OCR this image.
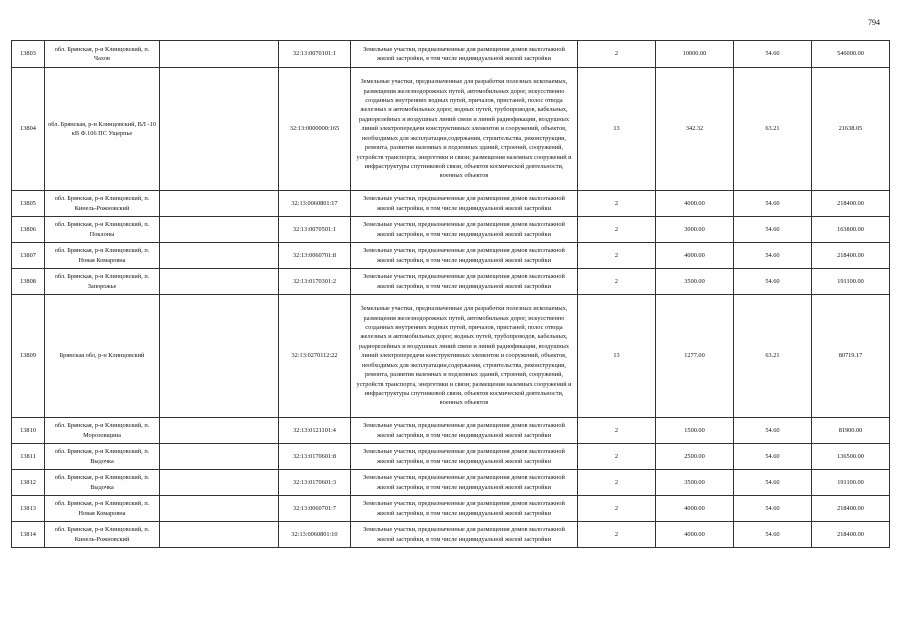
794
13803	обл. Брянская, р-н Клинцовский, п. Чахов		32:13:0070101:1	Земельные участки, предназначенные для размещения домов малоэтажной жилой застройки, в том числе индивидуальной жилой застройки	2	10000.00	54.60	546000.00
13804	обл. Брянская, р-н Клинцовский, ВЛ -10 кВ Ф.106 ПС Ущерпье		32:13:0000000:165	Земельные участки, предназначенные для разработки полезных ископаемых, размещения железнодорожных путей, автомобильных дорог, искусственно созданных внутренних водных путей, причалов, пристаней, полос отвода железных и автомобильных дорог, водных путей, трубопроводов, кабельных, радиорелейных и воздушных линий связи и линий радиофикации, воздушных линий электропередачи конструктивных элементов и сооружений, объектов, необходимых для эксплуатации,содержания, строительства, реконструкции, ремонта, развития наземных и подземных зданий, строений, сооружений, устройств транспорта, энергетики и связи; размещения наземных сооружений и инфраструктуры спутниковой связи, объектов космической деятельности, военных объектов	13	342.32	63.21	21638.05
13805	обл. Брянская, р-н Клинцовский, п. Кинель-Рожновский		32:13:0060801:17	Земельные участки, предназначенные для размещения домов малоэтажной жилой застройки, в том числе индивидуальной жилой застройки	2	4000.00	54.60	218400.00
13806	обл. Брянская, р-н Клинцовский, п. Поклоны		32:13:0070501:1	Земельные участки, предназначенные для размещения домов малоэтажной жилой застройки, в том числе индивидуальной жилой застройки	2	3000.00	54.60	163800.00
13807	обл. Брянская, р-н Клинцовский, п. Новая Комаровна		32:13:0060701:8	Земельные участки, предназначенные для размещения домов малоэтажной жилой застройки, в том числе индивидуальной жилой застройки	2	4000.00	54.60	218400.00
13808	обл. Брянская, р-н Клинцовский, п. Запорожье		32:13:0170301:2	Земельные участки, предназначенные для размещения домов малоэтажной жилой застройки, в том числе индивидуальной жилой застройки	2	3500.00	54.60	191100.00
13809	Брянская обл, р-н Клинцовский		32:13:0270112:22	Земельные участки, предназначенные для разработки полезных ископаемых, размещения железнодорожных путей, автомобильных дорог, искусственно созданных внутренних водных путей, причалов, пристаней, полос отвода железных и автомобильных дорог, водных путей, трубопроводов, кабельных, радиорелейных и воздушных линий связи и линий радиофикации, воздушных линий электропередачи конструктивных элементов и сооружений, объектов, необходимых для эксплуатации,содержания, строительства, реконструкции, ремонта, развития наземных и подземных зданий, строений, сооружений, устройств транспорта, энергетики и связи; размещения наземных сооружений и инфраструктуры спутниковой связи, объектов космической деятельности, военных объектов	13	1277.00	63.21	80719.17
13810	обл. Брянская, р-н Клинцовский, п. Морозовщина		32:13:0121101:4	Земельные участки, предназначенные для размещения домов малоэтажной жилой застройки, в том числе индивидуальной жилой застройки	2	1500.00	54.60	81900.00
13811	обл. Брянская, р-н Клинцовский, п. Выдочка		32:13:0170601:8	Земельные участки, предназначенные для размещения домов малоэтажной жилой застройки, в том числе индивидуальной жилой застройки	2	2500.00	54.60	136500.00
13812	обл. Брянская, р-н Клинцовский, п. Выдочка		32:13:0170601:3	Земельные участки, предназначенные для размещения домов малоэтажной жилой застройки, в том числе индивидуальной жилой застройки	2	3500.00	54.60	191100.00
13813	обл. Брянская, р-н Клинцовский, п. Новая Комаровна		32:13:0060701:7	Земельные участки, предназначенные для размещения домов малоэтажной жилой застройки, в том числе индивидуальной жилой застройки	2	4000.00	54.60	218400.00
13814	обл. Брянская, р-н Клинцовский, п. Кинель-Рожновский		32:13:0060801:10	Земельные участки, предназначенные для размещения домов малоэтажной жилой застройки, в том числе индивидуальной жилой застройки	2	4000.00	54.60	218400.00
